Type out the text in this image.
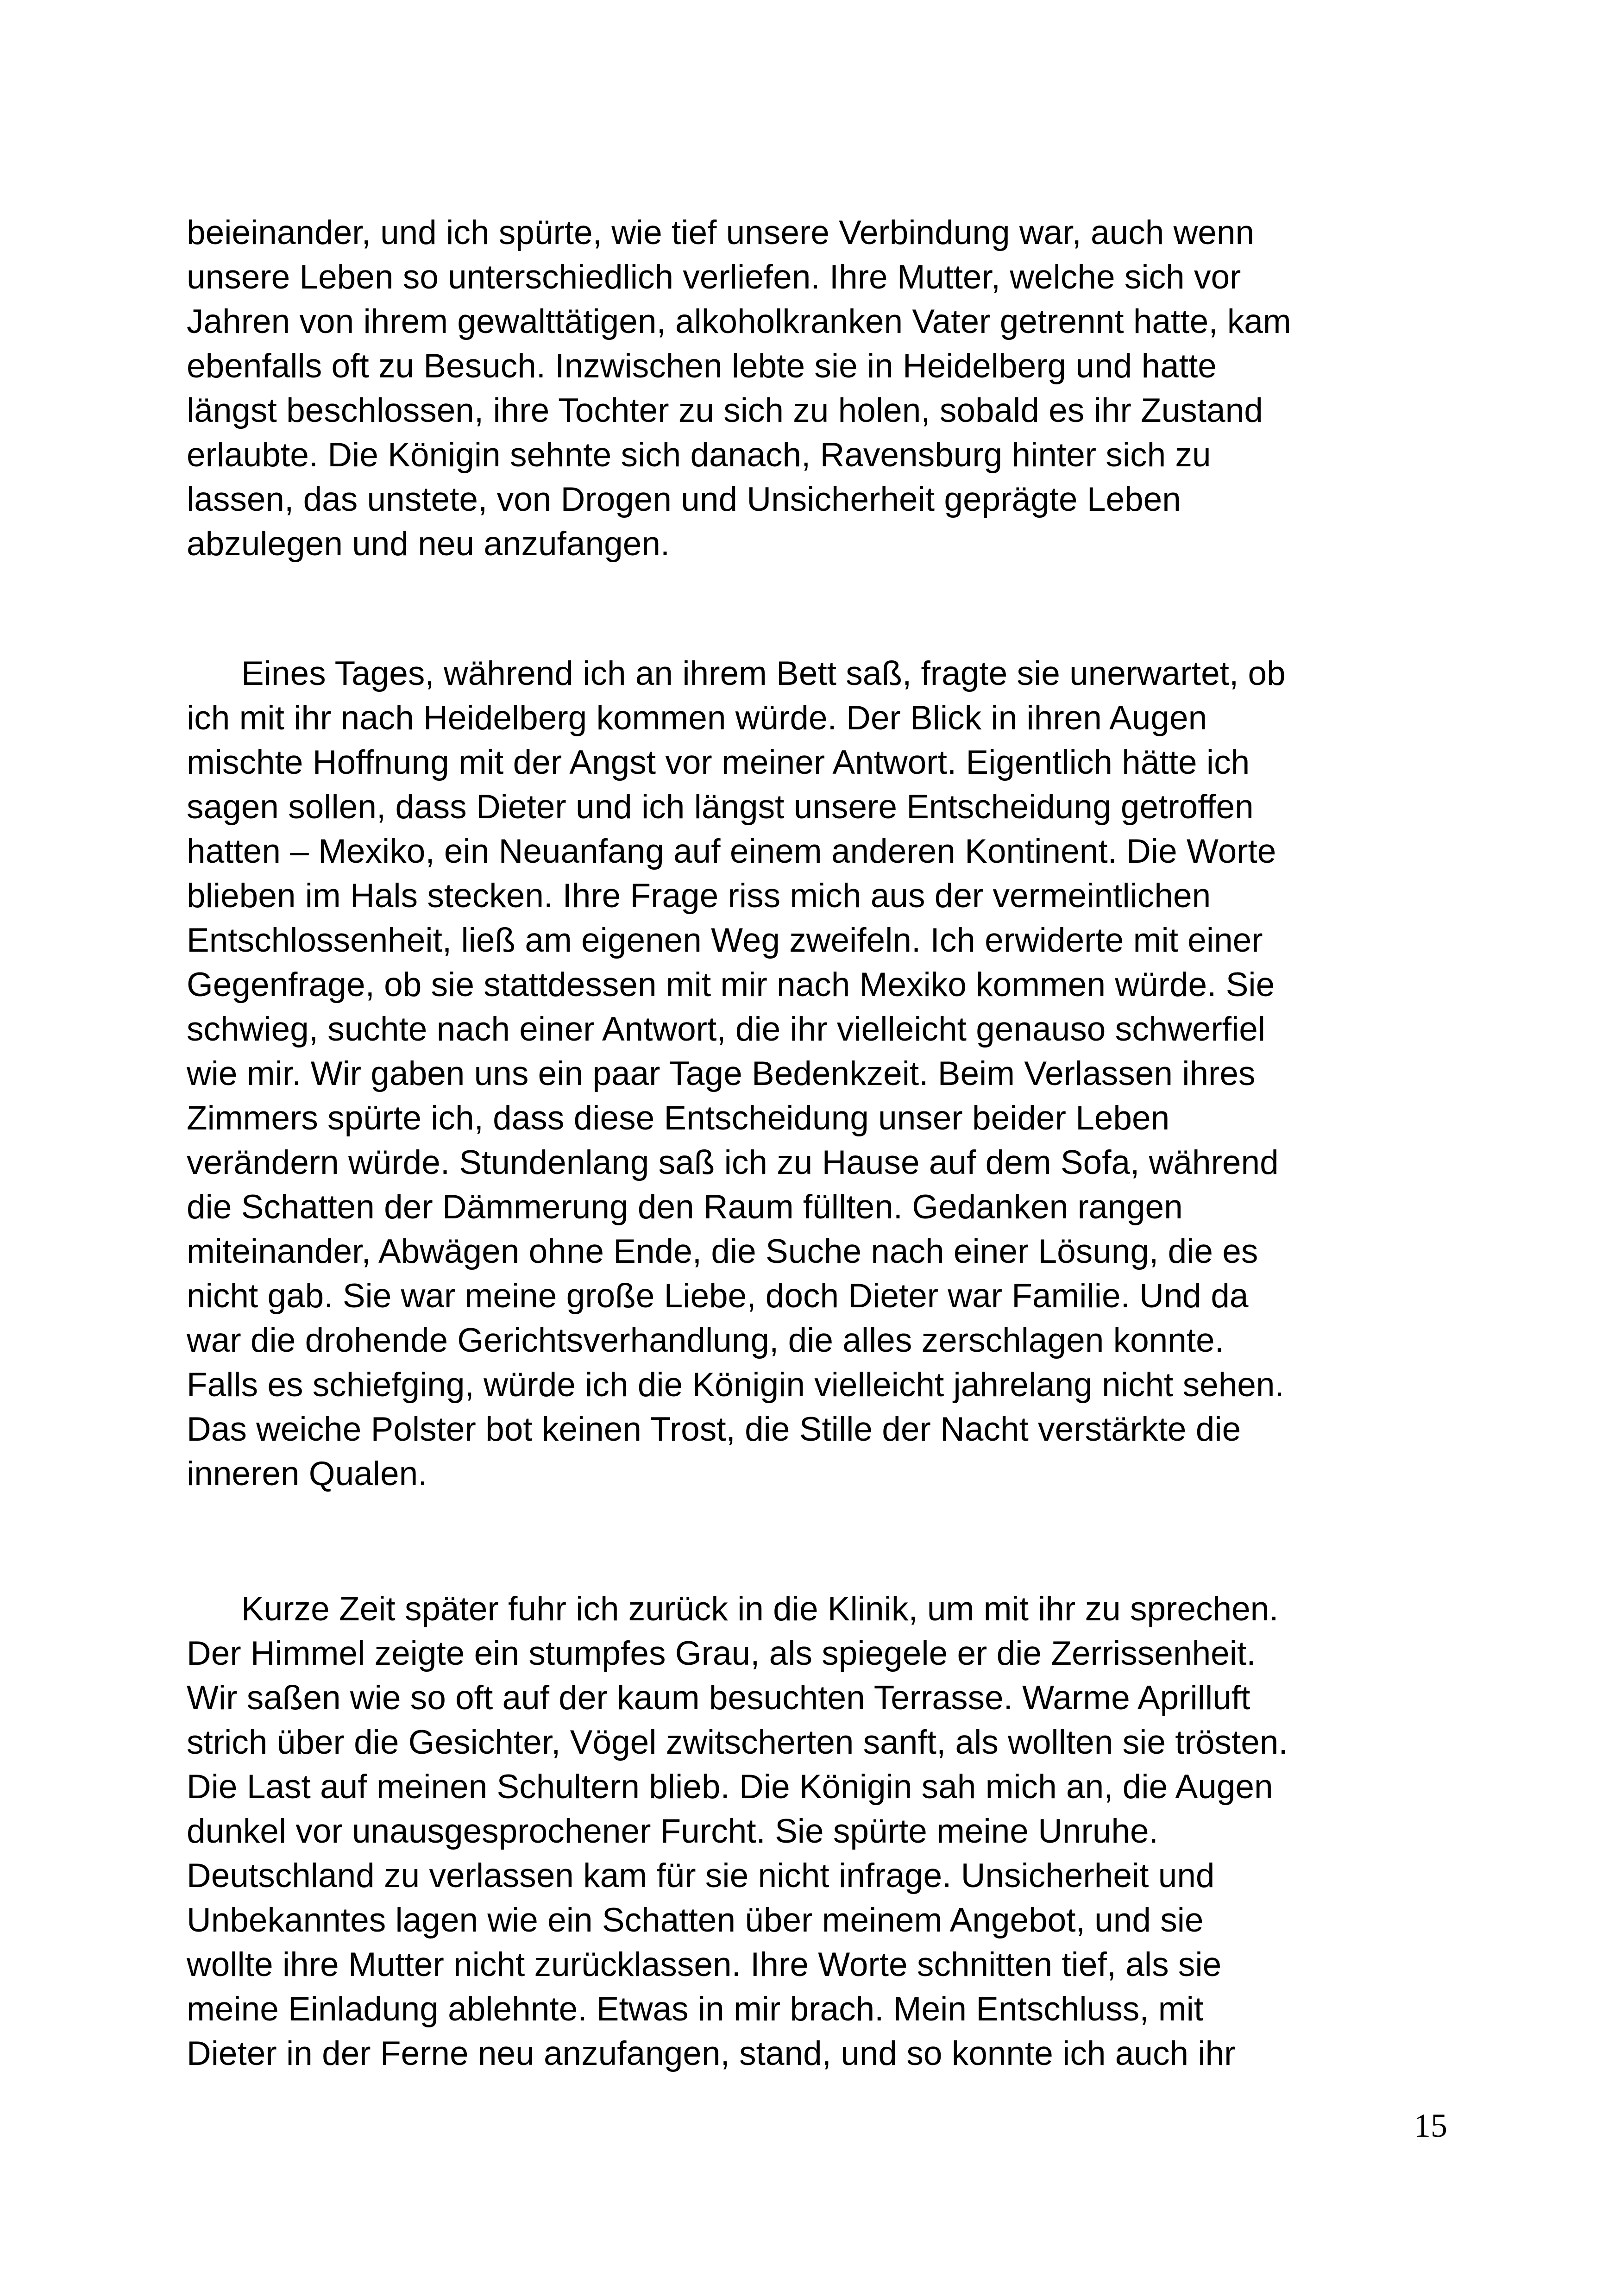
beieinander, und ich spürte, wie tief unsere Verbindung war, auch wenn
unsere Leben so unterschiedlich verliefen. Ihre Mutter, welche sich vor
Jahren von ihrem gewalttätigen, alkoholkranken Vater getrennt hatte, kam
ebenfalls oft zu Besuch. Inzwischen lebte sie in Heidelberg und hatte
längst beschlossen, ihre Tochter zu sich zu holen, sobald es ihr Zustand
erlaubte. Die Königin sehnte sich danach, Ravensburg hinter sich zu
lassen, das unstete, von Drogen und Unsicherheit geprägte Leben
abzulegen und neu anzufangen.
Eines Tages, während ich an ihrem Bett saß, fragte sie unerwartet, ob
ich mit ihr nach Heidelberg kommen würde. Der Blick in ihren Augen
mischte Hoffnung mit der Angst vor meiner Antwort. Eigentlich hätte ich
sagen sollen, dass Dieter und ich längst unsere Entscheidung getroffen
hatten – Mexiko, ein Neuanfang auf einem anderen Kontinent. Die Worte
blieben im Hals stecken. Ihre Frage riss mich aus der vermeintlichen
Entschlossenheit, ließ am eigenen Weg zweifeln. Ich erwiderte mit einer
Gegenfrage, ob sie stattdessen mit mir nach Mexiko kommen würde. Sie
schwieg, suchte nach einer Antwort, die ihr vielleicht genauso schwerfiel
wie mir. Wir gaben uns ein paar Tage Bedenkzeit. Beim Verlassen ihres
Zimmers spürte ich, dass diese Entscheidung unser beider Leben
verändern würde. Stundenlang saß ich zu Hause auf dem Sofa, während
die Schatten der Dämmerung den Raum füllten. Gedanken rangen
miteinander, Abwägen ohne Ende, die Suche nach einer Lösung, die es
nicht gab. Sie war meine große Liebe, doch Dieter war Familie. Und da
war die drohende Gerichtsverhandlung, die alles zerschlagen konnte.
Falls es schiefging, würde ich die Königin vielleicht jahrelang nicht sehen.
Das weiche Polster bot keinen Trost, die Stille der Nacht verstärkte die
inneren Qualen.
Kurze Zeit später fuhr ich zurück in die Klinik, um mit ihr zu sprechen.
Der Himmel zeigte ein stumpfes Grau, als spiegele er die Zerrissenheit.
Wir saßen wie so oft auf der kaum besuchten Terrasse. Warme Aprilluft
strich über die Gesichter, Vögel zwitscherten sanft, als wollten sie trösten.
Die Last auf meinen Schultern blieb. Die Königin sah mich an, die Augen
dunkel vor unausgesprochener Furcht. Sie spürte meine Unruhe.
Deutschland zu verlassen kam für sie nicht infrage. Unsicherheit und
Unbekanntes lagen wie ein Schatten über meinem Angebot, und sie
wollte ihre Mutter nicht zurücklassen. Ihre Worte schnitten tief, als sie
meine Einladung ablehnte. Etwas in mir brach. Mein Entschluss, mit
Dieter in der Ferne neu anzufangen, stand, und so konnte ich auch ihr
15
